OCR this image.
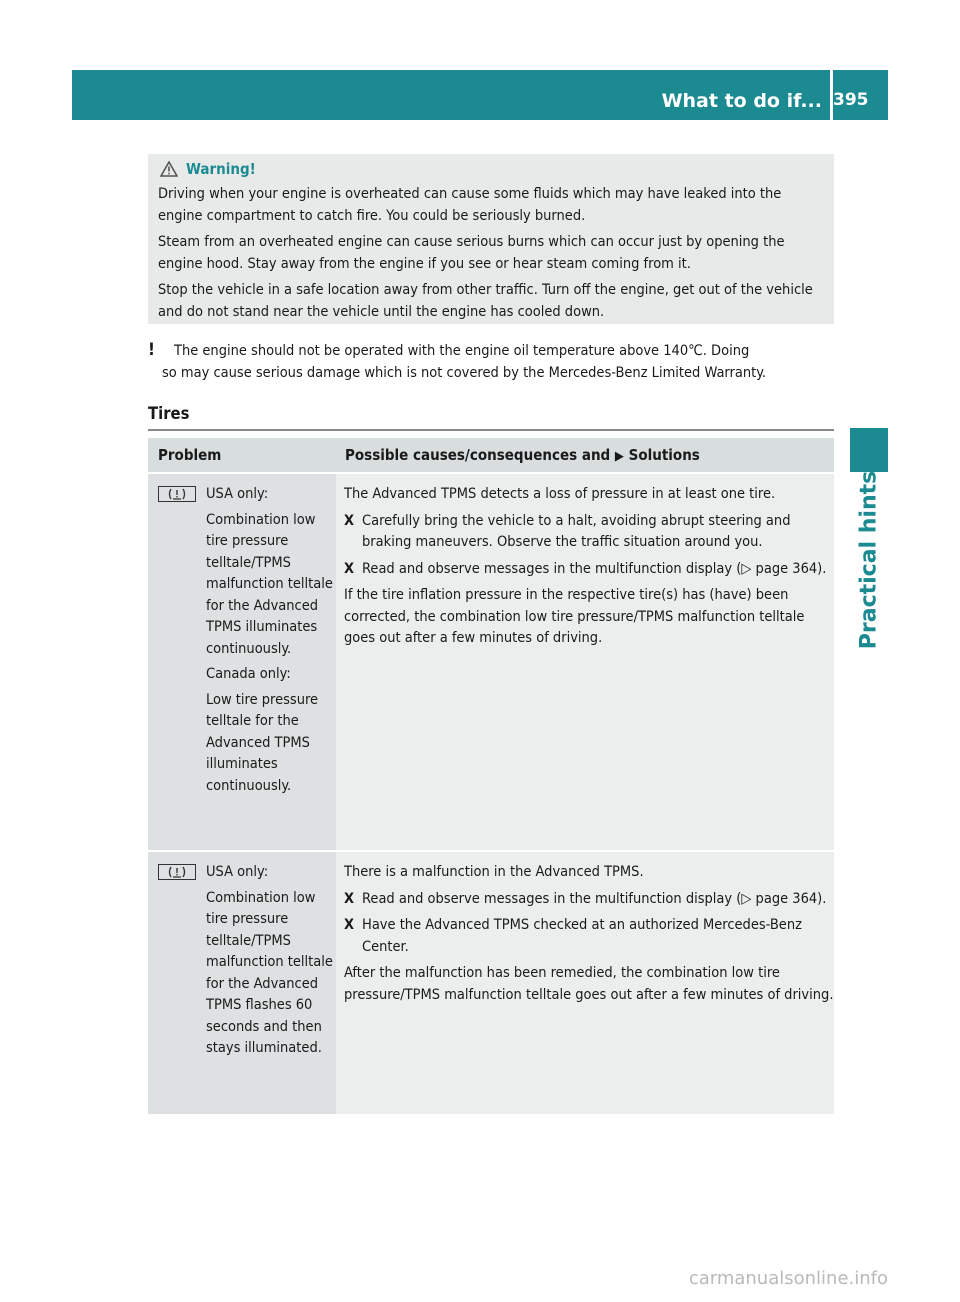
What to do if... 395
Practical hints
Warning!

Driving when your engine is overheated can cause some fluids which may have leaked into the engine compartment to catch fire. You could be seriously burned.

Steam from an overheated engine can cause serious burns which can occur just by opening the engine hood. Stay away from the engine if you see or hear steam coming from it.

Stop the vehicle in a safe location away from other traffic. Turn off the engine, get out of the vehicle and do not stand near the vehicle until the engine has cooled down.

! The engine should not be operated with the engine oil temperature above 140℃. Doing
so may cause serious damage which is not covered by the Mercedes-Benz Limited Warranty.
Tires
Problem	Possible causes/consequences and ▶ Solutions

USA only:

Combination low tire pressure telltale/TPMS malfunction telltale for the Advanced TPMS illuminates continuously.

Canada only:

Low tire pressure telltale for the Advanced TPMS illuminates continuously.

The Advanced TPMS detects a loss of pressure in at least one tire.

X Carefully bring the vehicle to a halt, avoiding abrupt steering and braking maneuvers. Observe the traffic situation around you.
X Read and observe messages in the multifunction display (▷ page 364).

If the tire inflation pressure in the respective tire(s) has (have) been corrected, the combination low tire pressure/TPMS malfunction telltale goes out after a few minutes of driving.

USA only:

Combination low tire pressure telltale/TPMS malfunction telltale for the Advanced TPMS flashes 60 seconds and then stays illuminated.

There is a malfunction in the Advanced TPMS.

X Read and observe messages in the multifunction display (▷ page 364).
X Have the Advanced TPMS checked at an authorized Mercedes-Benz Center.

After the malfunction has been remedied, the combination low tire pressure/TPMS malfunction telltale goes out after a few minutes of driving.

carmanualsonline.info
